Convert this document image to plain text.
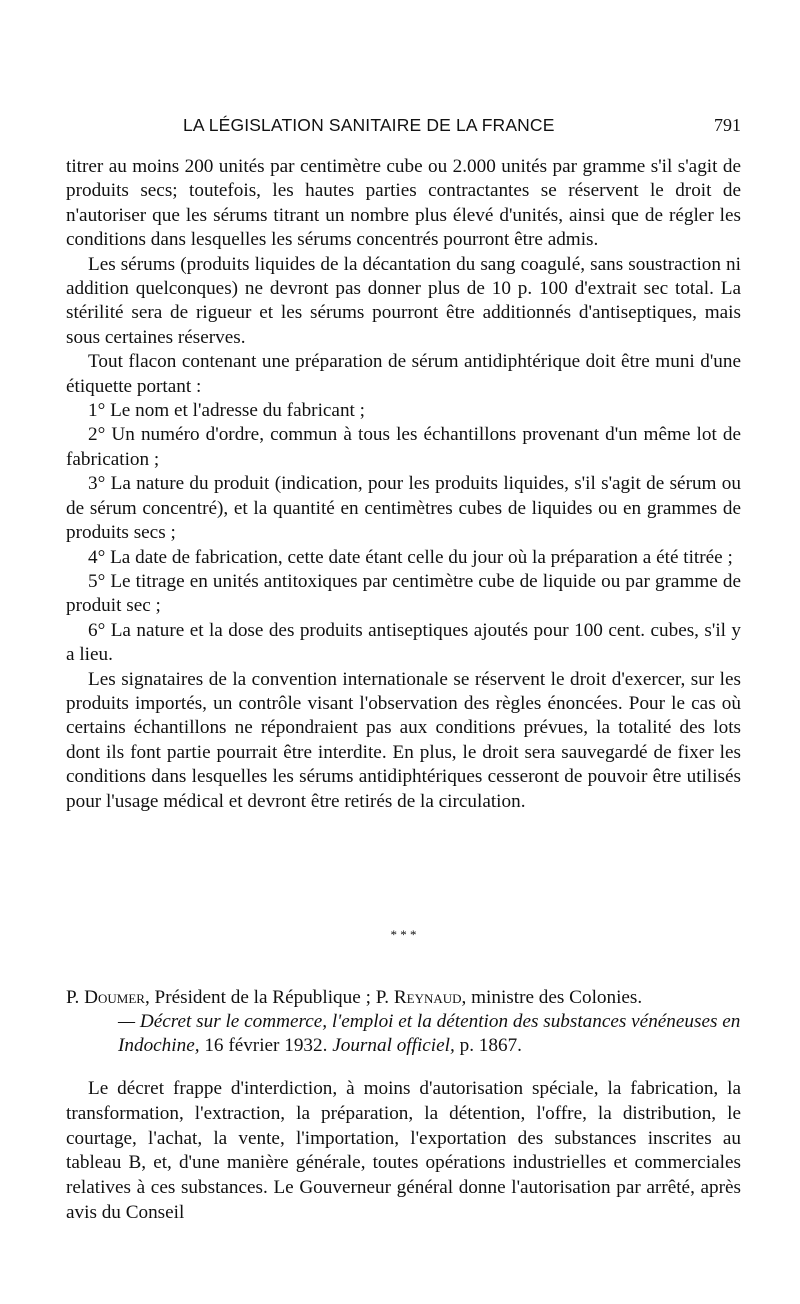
LA LÉGISLATION SANITAIRE DE LA FRANCE	791

titrer au moins 200 unités par centimètre cube ou 2.000 unités par gramme s'il s'agit de produits secs; toutefois, les hautes parties contractantes se réservent le droit de n'autoriser que les sérums titrant un nombre plus élevé d'unités, ainsi que de régler les conditions dans lesquelles les sérums concentrés pourront être admis.

Les sérums (produits liquides de la décantation du sang coagulé, sans soustraction ni addition quelconques) ne devront pas donner plus de 10 p. 100 d'extrait sec total. La stérilité sera de rigueur et les sérums pourront être additionnés d'antiseptiques, mais sous certaines réserves.

Tout flacon contenant une préparation de sérum antidiphtérique doit être muni d'une étiquette portant :

1° Le nom et l'adresse du fabricant ;

2° Un numéro d'ordre, commun à tous les échantillons provenant d'un même lot de fabrication ;

3° La nature du produit (indication, pour les produits liquides, s'il s'agit de sérum ou de sérum concentré), et la quantité en centimètres cubes de liquides ou en grammes de produits secs ;

4° La date de fabrication, cette date étant celle du jour où la préparation a été titrée ;

5° Le titrage en unités antitoxiques par centimètre cube de liquide ou par gramme de produit sec ;

6° La nature et la dose des produits antiseptiques ajoutés pour 100 cent. cubes, s'il y a lieu.

Les signataires de la convention internationale se réservent le droit d'exercer, sur les produits importés, un contrôle visant l'observation des règles énoncées. Pour le cas où certains échantillons ne répondraient pas aux conditions prévues, la totalité des lots dont ils font partie pourrait être interdite. En plus, le droit sera sauvegardé de fixer les conditions dans lesquelles les sérums antidiphtériques cesseront de pouvoir être utilisés pour l'usage médical et devront être retirés de la circulation.

* * *

P. Doumer, Président de la République ; P. Reynaud, ministre des Colonies.

— Décret sur le commerce, l'emploi et la détention des substances vénéneuses en Indochine, 16 février 1932. Journal officiel, p. 1867.

Le décret frappe d'interdiction, à moins d'autorisation spéciale, la fabrication, la transformation, l'extraction, la préparation, la détention, l'offre, la distribution, le courtage, l'achat, la vente, l'importation, l'exportation des substances inscrites au tableau B, et, d'une manière générale, toutes opérations industrielles et commerciales relatives à ces substances. Le Gouverneur général donne l'autorisation par arrêté, après avis du Conseil
